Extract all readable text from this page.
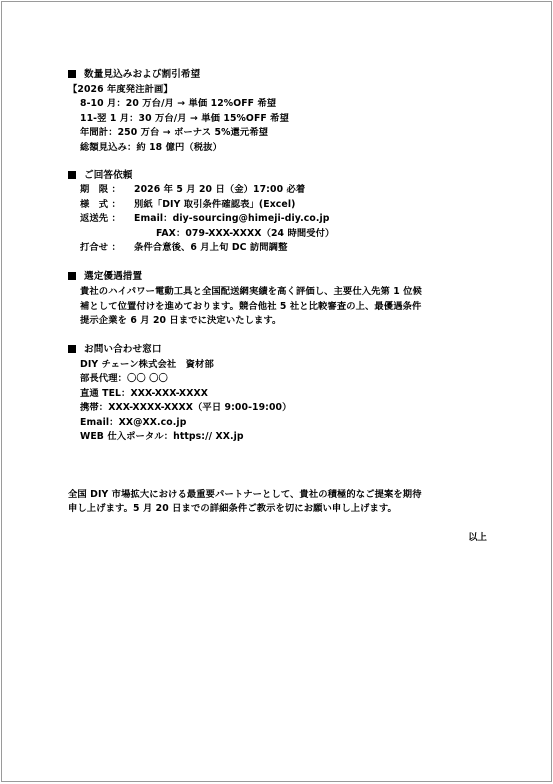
数量見込みおよび割引希望
【2026 年度発注計画】
8-10 月：20 万台/月 → 単価 12%OFF 希望
11-翌 1 月：30 万台/月 → 単価 15%OFF 希望
年間計：250 万台 → ボーナス 5%還元希望
総額見込み：約 18 億円（税抜）
ご回答依頼
期　限 ： 2026 年 5 月 20 日（金）17:00 必着
様　式 ： 別紙「DIY 取引条件確認表」(Excel)
返送先 ： Email：diy-sourcing@himeji-diy.co.jp
FAX：079-XXX-XXXX（24 時間受付）
打合せ ： 条件合意後、6 月上旬 DC 訪問調整
選定優遇措置
貴社のハイパワー電動工具と全国配送網実績を高く評価し、主要仕入先第 1 位候
補として位置付けを進めております。競合他社 5 社と比較審査の上、最優遇条件
提示企業を 6 月 20 日までに決定いたします。
お問い合わせ窓口
DIY チェーン株式会社　資材部
部長代理：〇〇 〇〇
直通 TEL：XXX-XXX-XXXX
携帯：XXX-XXXX-XXXX（平日 9:00-19:00）
Email：XX@XX.co.jp
WEB 仕入ポータル：https:// XX.jp
全国 DIY 市場拡大における最重要パートナーとして、貴社の積極的なご提案を期待
申し上げます。5 月 20 日までの詳細条件ご教示を切にお願い申し上げます。
以上
